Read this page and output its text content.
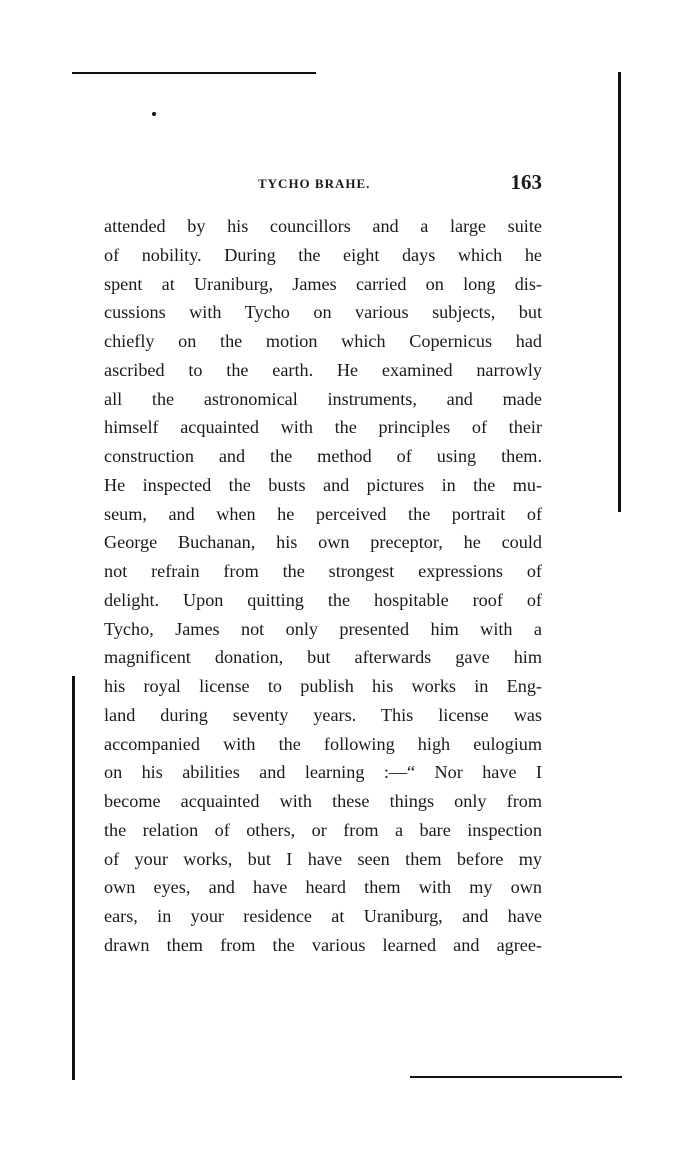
TYCHO BRAHE.	163
attended by his councillors and a large suite
of nobility. During the eight days which he
spent at Uraniburg, James carried on long dis-
cussions with Tycho on various subjects, but
chiefly on the motion which Copernicus had
ascribed to the earth. He examined narrowly
all the astronomical instruments, and made
himself acquainted with the principles of their
construction and the method of using them.
He inspected the busts and pictures in the mu-
seum, and when he perceived the portrait of
George Buchanan, his own preceptor, he could
not refrain from the strongest expressions of
delight. Upon quitting the hospitable roof of
Tycho, James not only presented him with a
magnificent donation, but afterwards gave him
his royal license to publish his works in Eng-
land during seventy years. This license was
accompanied with the following high eulogium
on his abilities and learning :—“ Nor have I
become acquainted with these things only from
the relation of others, or from a bare inspection
of your works, but I have seen them before my
own eyes, and have heard them with my own
ears, in your residence at Uraniburg, and have
drawn them from the various learned and agree-
